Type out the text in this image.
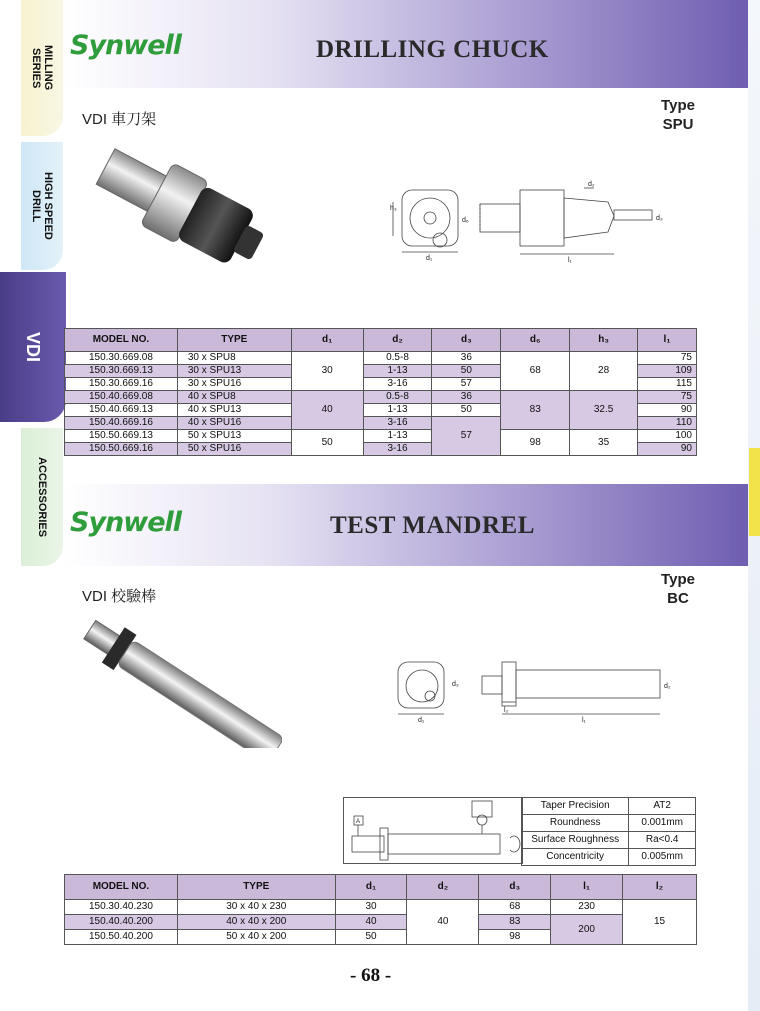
MILLING
SERIES
HIGH SPEED
DRILL
VDI
ACCESSORIES
Synwell	DRILLING CHUCK
VDI 車刀架
Type
SPU
h₃
d₆
d₂
d₃
l₁
d₁
MODEL NO.	TYPE	d₁	d₂	d₃	d₆	h₃	l₁
150.30.669.08	30 x SPU8	30	0.5-8	36	68	28	75
150.30.669.13	30 x SPU13		1-13	50			109
150.30.669.16	30 x SPU16		3-16	57			115
150.40.669.08	40 x SPU8	40	0.5-8	36	83	32.5	75
150.40.669.13	40 x SPU13		1-13	50			90
150.40.669.16	40 x SPU16		3-16	57			110
150.50.669.13	50 x SPU13	50	1-13		98	35	100
150.50.669.16	50 x SPU16		3-16				90
Synwell	TEST MANDREL
VDI 校驗棒
Type
BC
d₃
l₂
l₁
d₂
d₁
A
Taper Precision	AT2
Roundness	0.001mm
Surface Roughness	Ra<0.4
Concentricity	0.005mm
MODEL NO.	TYPE	d₁	d₂	d₃	l₁	l₂
150.30.40.230	30 x 40 x 230	30	40	68	230	15
150.40.40.200	40 x 40 x 200	40		83	200	
150.50.40.200	50 x 40 x 200	50		98		
- 68 -
